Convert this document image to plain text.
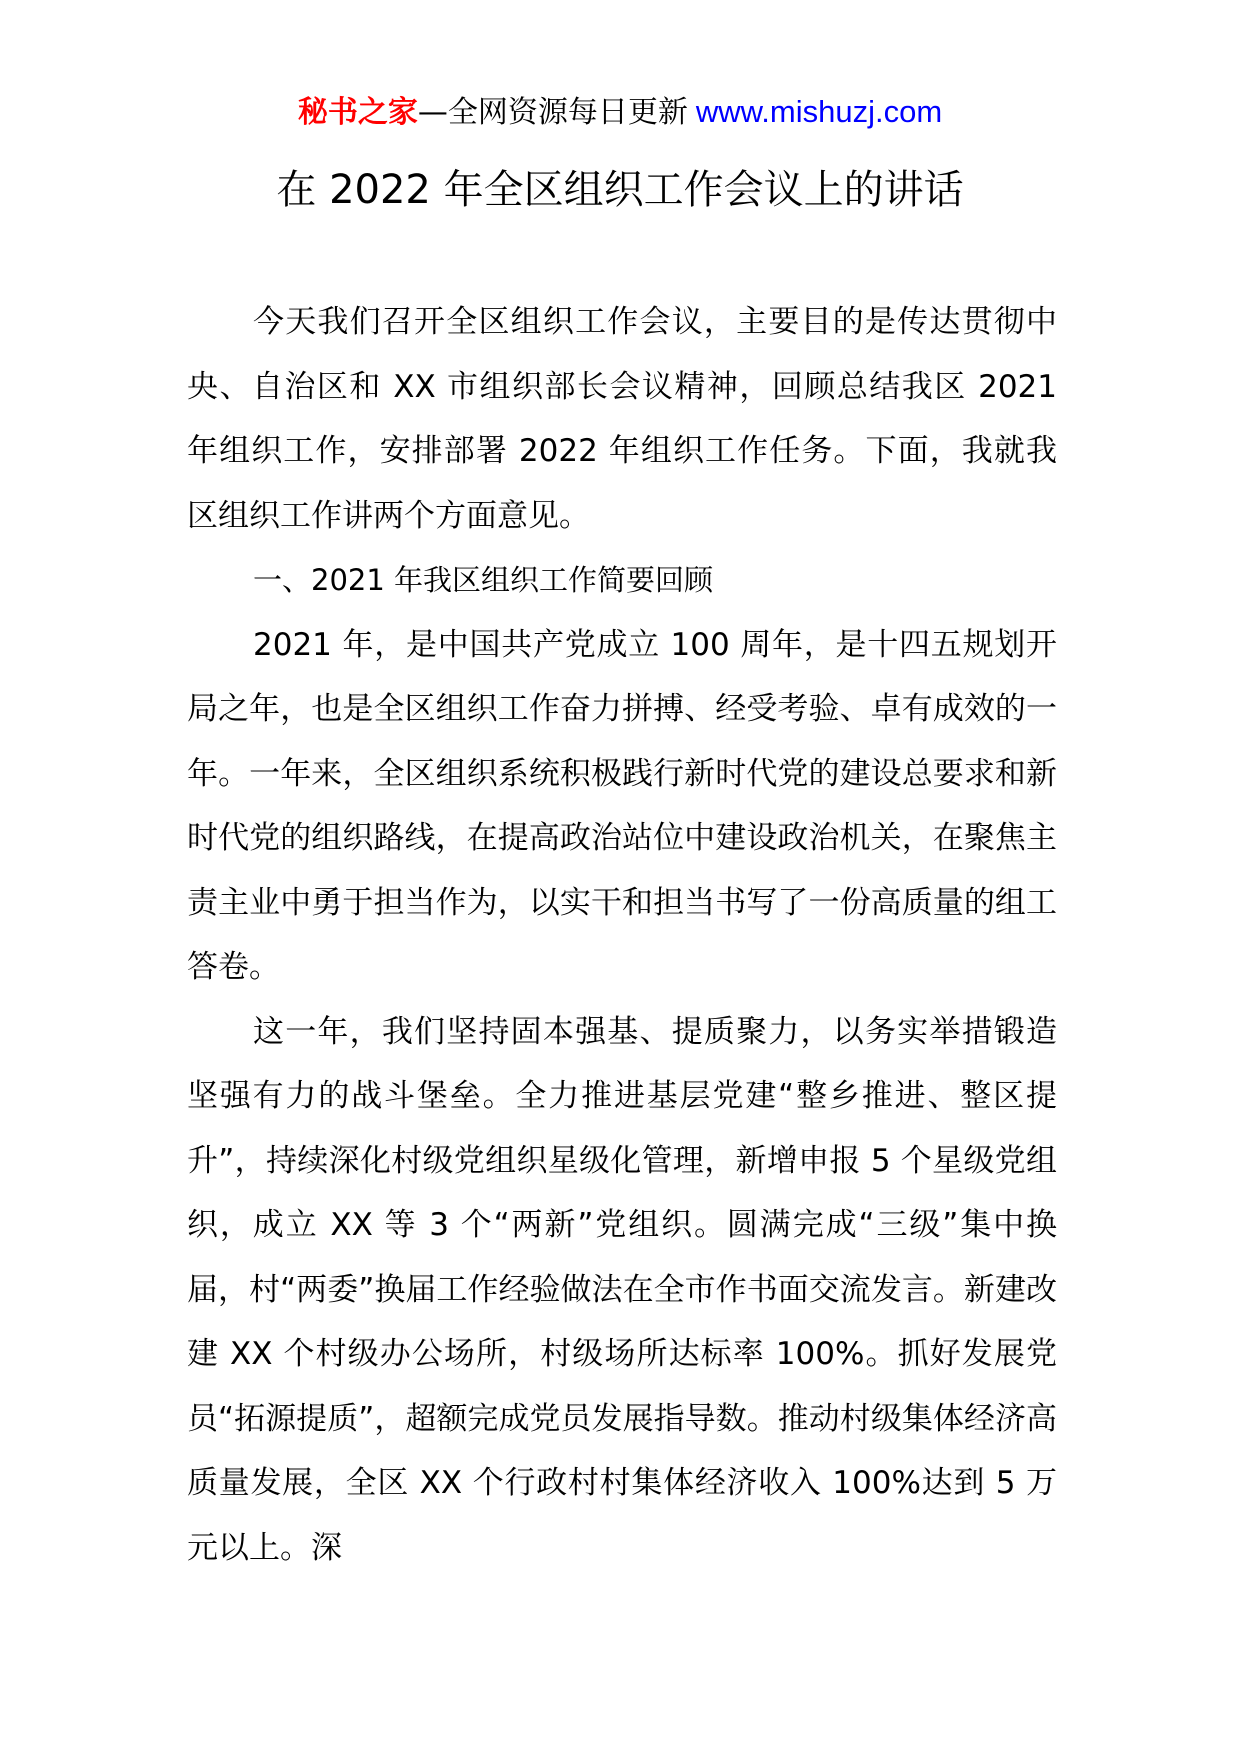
秘书之家—全网资源每日更新 www.mishuzj.com
在 2022 年全区组织工作会议上的讲话

今天我们召开全区组织工作会议，主要目的是传达贯彻中央、自治区和 XX 市组织部长会议精神，回顾总结我区 2021 年组织工作，安排部署 2022 年组织工作任务。下面，我就我区组织工作讲两个方面意见。

一、2021 年我区组织工作简要回顾

2021 年，是中国共产党成立 100 周年，是十四五规划开局之年，也是全区组织工作奋力拼搏、经受考验、卓有成效的一年。一年来，全区组织系统积极践行新时代党的建设总要求和新时代党的组织路线，在提高政治站位中建设政治机关，在聚焦主责主业中勇于担当作为，以实干和担当书写了一份高质量的组工答卷。

这一年，我们坚持固本强基、提质聚力，以务实举措锻造坚强有力的战斗堡垒。全力推进基层党建“整乡推进、整区提升”，持续深化村级党组织星级化管理，新增申报 5 个星级党组织，成立 XX 等 3 个“两新”党组织。圆满完成“三级”集中换届，村“两委”换届工作经验做法在全市作书面交流发言。新建改建 XX 个村级办公场所，村级场所达标率 100%。抓好发展党员“拓源提质”，超额完成党员发展指导数。推动村级集体经济高质量发展，全区 XX 个行政村村集体经济收入 100%达到 5 万元以上。深
